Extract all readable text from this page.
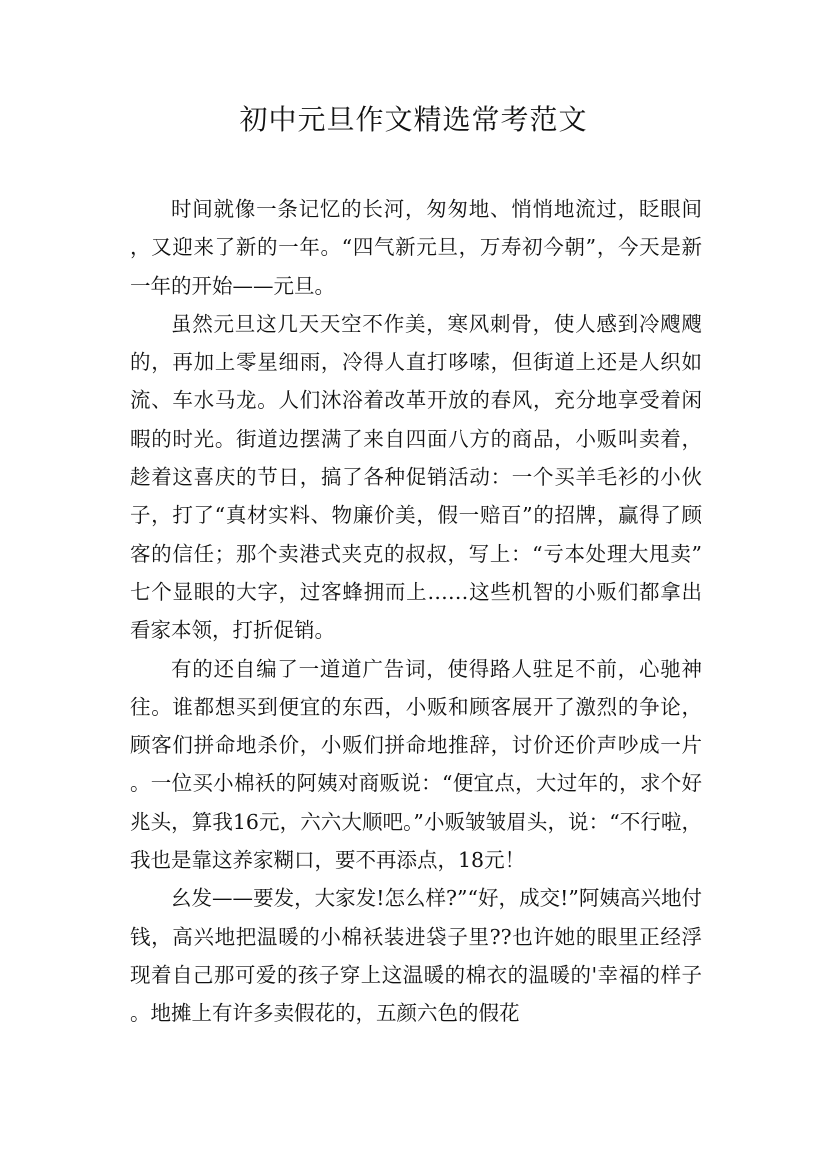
初中元旦作文精选常考范文

时间就像一条记忆的长河，匆匆地、悄悄地流过，眨眼间，又迎来了新的一年。“四气新元旦，万寿初今朝”，今天是新一年的开始——元旦。

虽然元旦这几天天空不作美，寒风刺骨，使人感到冷飕飕的，再加上零星细雨，冷得人直打哆嗦，但街道上还是人织如流、车水马龙。人们沐浴着改革开放的春风，充分地享受着闲暇的时光。街道边摆满了来自四面八方的商品，小贩叫卖着，趁着这喜庆的节日，搞了各种促销活动：一个买羊毛衫的小伙子，打了“真材实料、物廉价美，假一赔百”的招牌，赢得了顾客的信任；那个卖港式夹克的叔叔，写上：“亏本处理大甩卖”七个显眼的大字，过客蜂拥而上……这些机智的小贩们都拿出看家本领，打折促销。

有的还自编了一道道广告词，使得路人驻足不前，心驰神往。谁都想买到便宜的东西，小贩和顾客展开了激烈的争论，顾客们拼命地杀价，小贩们拼命地推辞，讨价还价声吵成一片。一位买小棉袄的阿姨对商贩说：“便宜点，大过年的，求个好兆头，算我16元，六六大顺吧。”小贩皱皱眉头，说：“不行啦，我也是靠这养家糊口，要不再添点，18元！

幺发——要发，大家发!怎么样?”“好，成交!”阿姨高兴地付钱，高兴地把温暖的小棉袄装进袋子里??也许她的眼里正经浮现着自己那可爱的孩子穿上这温暖的棉衣的温暖的'幸福的样子。地摊上有许多卖假花的，五颜六色的假花
